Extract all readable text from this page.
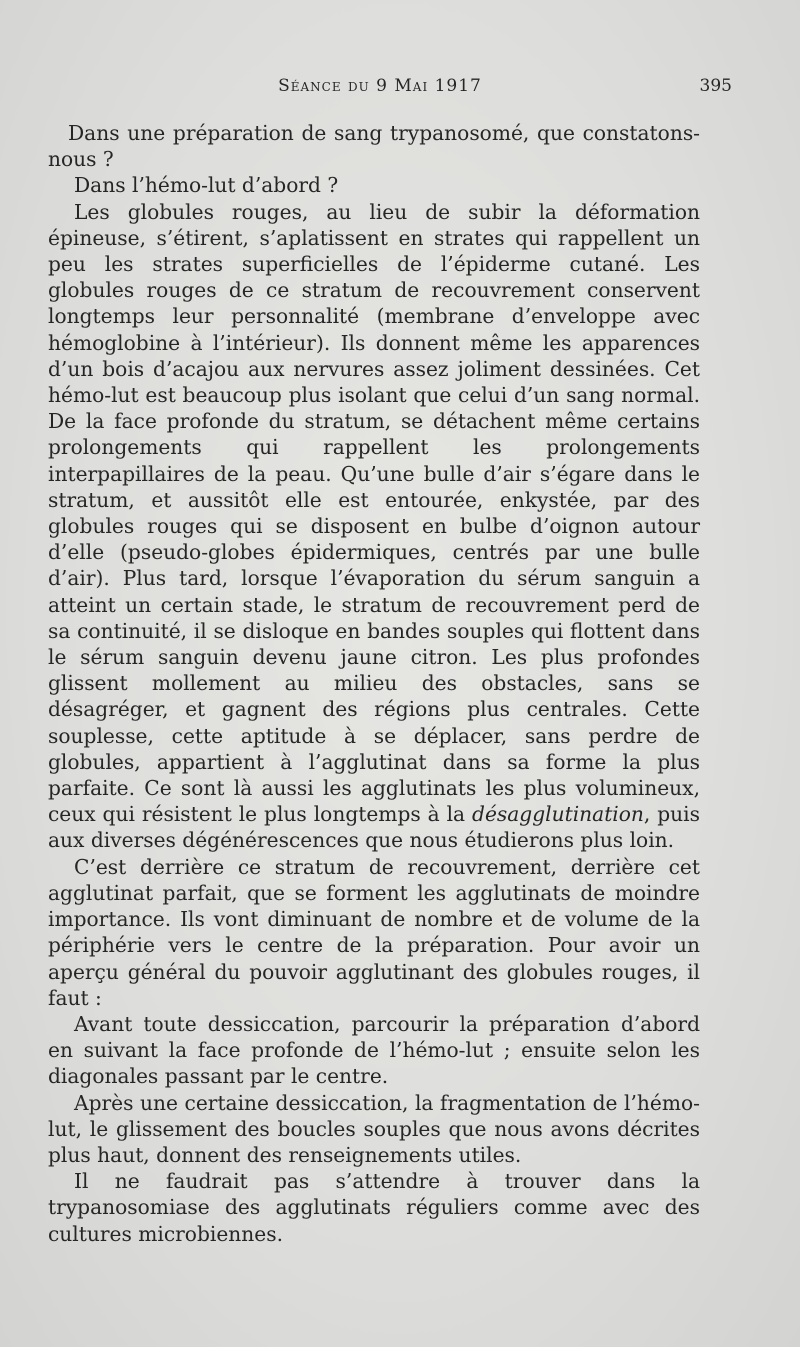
Séance du 9 Mai 1917	395

Dans une préparation de sang trypanosomé, que constatons-nous ?

Dans l’hémo-lut d’abord ?

Les globules rouges, au lieu de subir la déformation épineuse, s’étirent, s’aplatissent en strates qui rappellent un peu les strates superficielles de l’épiderme cutané. Les globules rouges de ce stratum de recouvrement conservent longtemps leur personnalité (membrane d’enveloppe avec hémoglobine à l’intérieur). Ils donnent même les apparences d’un bois d’acajou aux nervures assez joliment dessinées. Cet hémo-lut est beaucoup plus isolant que celui d’un sang normal. De la face profonde du stratum, se détachent même certains prolongements qui rappellent les prolongements interpapillaires de la peau. Qu’une bulle d’air s’égare dans le stratum, et aussitôt elle est entourée, enkystée, par des globules rouges qui se disposent en bulbe d’oignon autour d’elle (pseudo-globes épidermiques, centrés par une bulle d’air). Plus tard, lorsque l’évaporation du sérum sanguin a atteint un certain stade, le stratum de recouvrement perd de sa continuité, il se disloque en bandes souples qui flottent dans le sérum sanguin devenu jaune citron. Les plus profondes glissent mollement au milieu des obstacles, sans se désagréger, et gagnent des régions plus centrales. Cette souplesse, cette aptitude à se déplacer, sans perdre de globules, appartient à l’agglutinat dans sa forme la plus parfaite. Ce sont là aussi les agglutinats les plus volumineux, ceux qui résistent le plus longtemps à la désagglutination, puis aux diverses dégénérescences que nous étudierons plus loin.

C’est derrière ce stratum de recouvrement, derrière cet agglutinat parfait, que se forment les agglutinats de moindre importance. Ils vont diminuant de nombre et de volume de la périphérie vers le centre de la préparation. Pour avoir un aperçu général du pouvoir agglutinant des globules rouges, il faut :

Avant toute dessiccation, parcourir la préparation d’abord en suivant la face profonde de l’hémo-lut ; ensuite selon les diagonales passant par le centre.

Après une certaine dessiccation, la fragmentation de l’hémo-lut, le glissement des boucles souples que nous avons décrites plus haut, donnent des renseignements utiles.

Il ne faudrait pas s’attendre à trouver dans la trypanosomiase des agglutinats réguliers comme avec des cultures microbiennes.
